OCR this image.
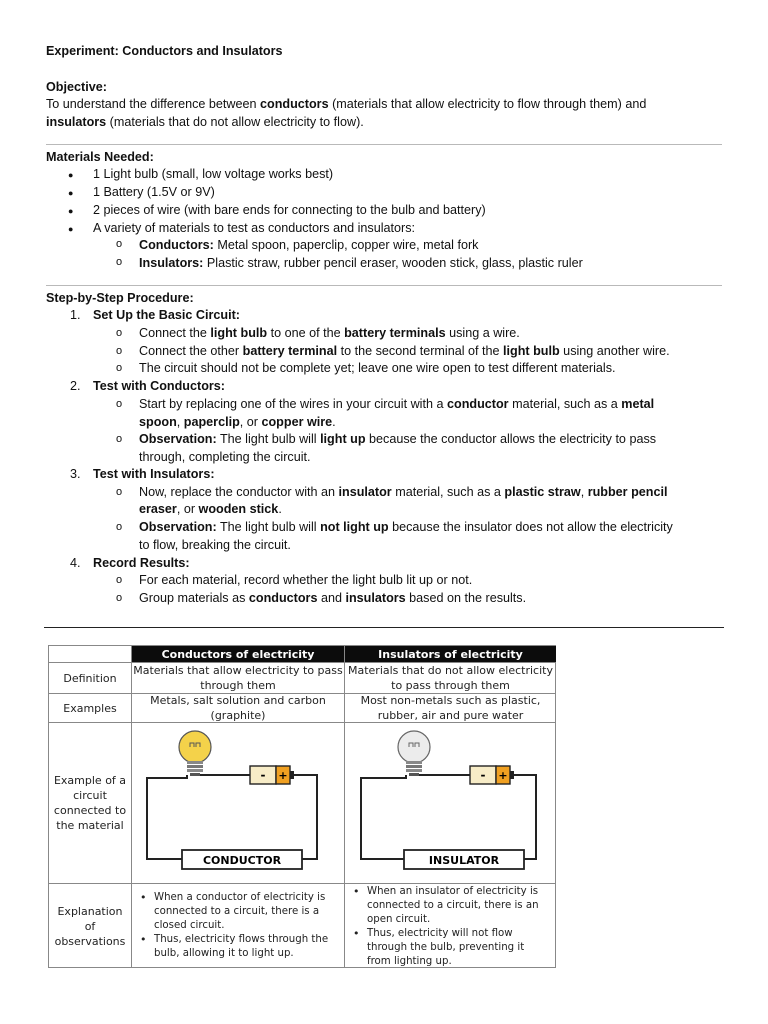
Experiment: Conductors and Insulators
Objective:
To understand the difference between conductors (materials that allow electricity to flow through them) and
insulators (materials that do not allow electricity to flow).
Materials Needed:
● 1 Light bulb (small, low voltage works best)
● 1 Battery (1.5V or 9V)
● 2 pieces of wire (with bare ends for connecting to the bulb and battery)
● A variety of materials to test as conductors and insulators:
o Conductors: Metal spoon, paperclip, copper wire, metal fork
o Insulators: Plastic straw, rubber pencil eraser, wooden stick, glass, plastic ruler
Step-by-Step Procedure:
1. Set Up the Basic Circuit:
o Connect the light bulb to one of the battery terminals using a wire.
o Connect the other battery terminal to the second terminal of the light bulb using another wire.
o The circuit should not be complete yet; leave one wire open to test different materials.
2. Test with Conductors:
o Start by replacing one of the wires in your circuit with a conductor material, such as a metal
spoon, paperclip, or copper wire.
o Observation: The light bulb will light up because the conductor allows the electricity to pass
through, completing the circuit.
3. Test with Insulators:
o Now, replace the conductor with an insulator material, such as a plastic straw, rubber pencil
eraser, or wooden stick.
o Observation: The light bulb will not light up because the insulator does not allow the electricity
to flow, breaking the circuit.
4. Record Results:
o For each material, record whether the light bulb lit up or not.
o Group materials as conductors and insulators based on the results.
Conductors of electricity	Insulators of electricity
Definition
Materials that allow electricity to pass
through them
Materials that do not allow electricity
to pass through them
Examples
Metals, salt solution and carbon
(graphite)
Most non-metals such as plastic,
rubber, air and pure water
Example of a
circuit
connected to
the material
- +
CONDUCTOR
- +
INSULATOR
Explanation
of
observations
• When a conductor of electricity is connected to a circuit, there is a closed circuit.
• Thus, electricity flows through the bulb, allowing it to light up.
• When an insulator of electricity is connected to a circuit, there is an open circuit.
• Thus, electricity will not flow through the bulb, preventing it from lighting up.
